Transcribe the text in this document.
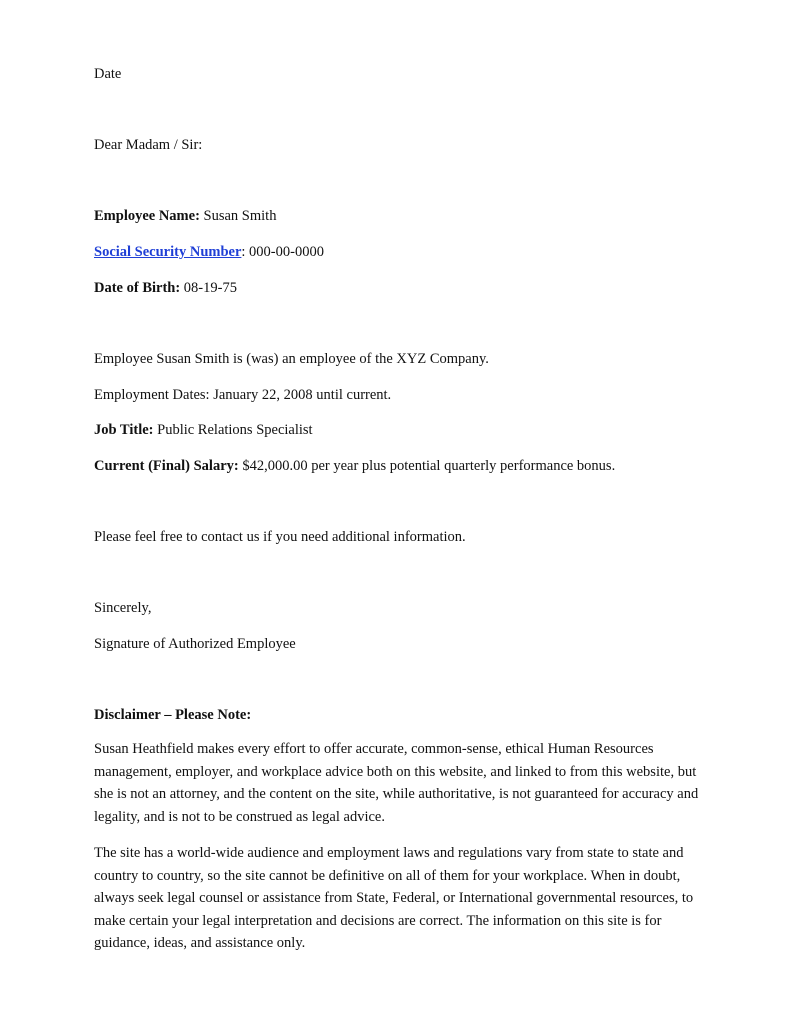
Date
Dear Madam / Sir:
Employee Name: Susan Smith
Social Security Number: 000-00-0000
Date of Birth: 08-19-75
Employee Susan Smith is (was) an employee of the XYZ Company.
Employment Dates: January 22, 2008 until current.
Job Title: Public Relations Specialist
Current (Final) Salary: $42,000.00 per year plus potential quarterly performance bonus.
Please feel free to contact us if you need additional information.
Sincerely,
Signature of Authorized Employee
Disclaimer – Please Note:
Susan Heathfield makes every effort to offer accurate, common-sense, ethical Human Resources management, employer, and workplace advice both on this website, and linked to from this website, but she is not an attorney, and the content on the site, while authoritative, is not guaranteed for accuracy and legality, and is not to be construed as legal advice.
The site has a world-wide audience and employment laws and regulations vary from state to state and country to country, so the site cannot be definitive on all of them for your workplace. When in doubt, always seek legal counsel or assistance from State, Federal, or International governmental resources, to make certain your legal interpretation and decisions are correct. The information on this site is for guidance, ideas, and assistance only.
